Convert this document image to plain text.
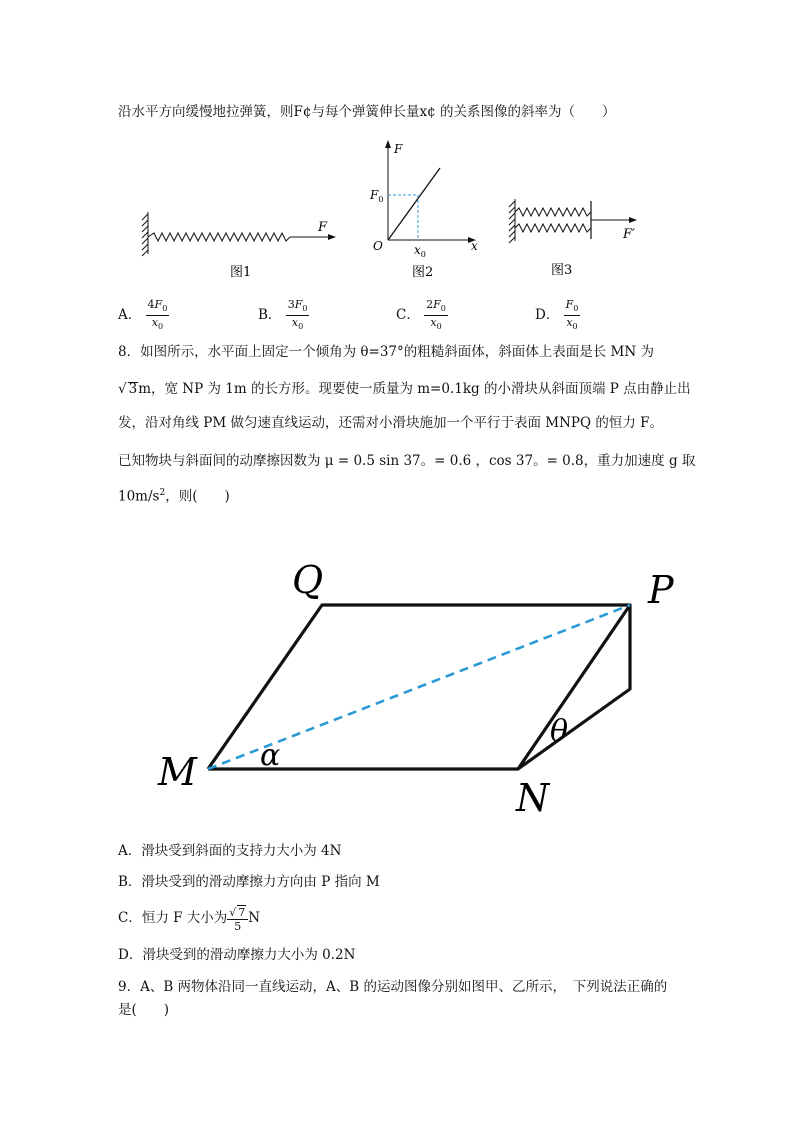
沿水平方向缓慢地拉弹簧，则F¢与每个弹簧伸长量x¢ 的关系图像的斜率为（　　）
F
图1
F
x
O
$F_0$
$x_0$
图2
F′
图3
A． $\frac{4F_0}{x_0}$	B． $\frac{3F_0}{x_0}$	C． $\frac{2F_0}{x_0}$	D． $\frac{F_0}{x_0}$
8．如图所示，水平面上固定一个倾角为 θ=37°的粗糙斜面体，斜面体上表面是长 MN 为
√ 3m，宽 NP 为 1m 的长方形。现要使一质量为 m=0.1kg 的小滑块从斜面顶端 P 点由静止出
发，沿对角线 PM 做匀速直线运动，还需对小滑块施加一个平行于表面 MNPQ 的恒力 F。
已知物块与斜面间的动摩擦因数为 μ = 0.5 sin 37。= 0.6 ，cos 37。= 0.8，重力加速度 g 取
$10m/s^2$，则(　　)
Q	P
M
N
α
θ
A．滑块受到斜面的支持力大小为 4N
B．滑块受到的滑动摩擦力方向由 P 指向 M
C．恒力 F 大小为 $\frac{√ 7}{5}$ N
D．滑块受到的滑动摩擦力大小为 0.2N
9．A、B 两物体沿同一直线运动，A、B 的运动图像分别如图甲、乙所示，　下列说法正确的
是(　　)
